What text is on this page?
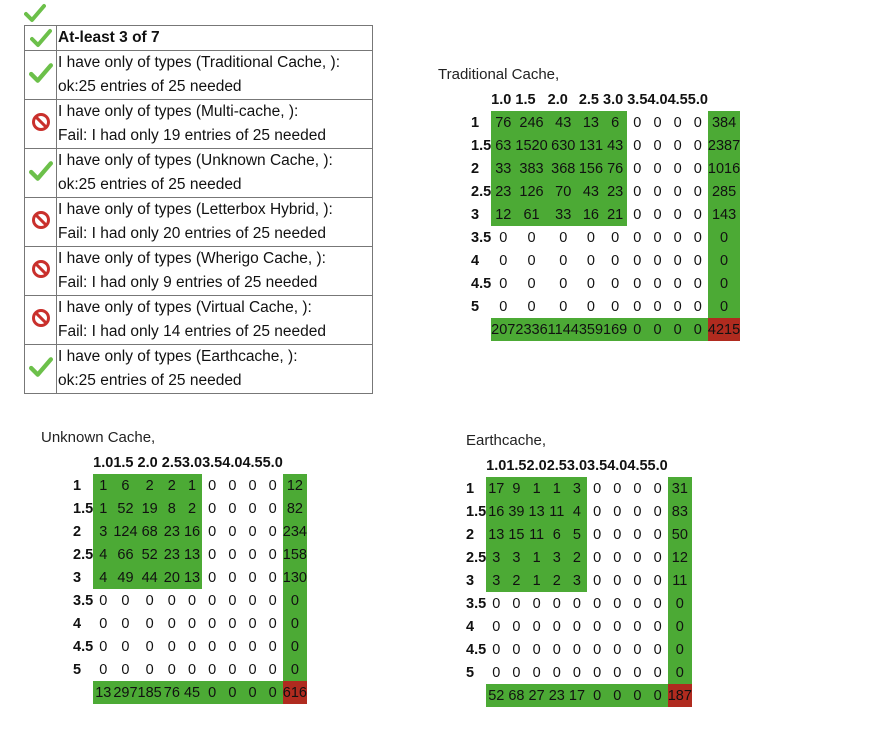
	At-least 3 of 7

I have only of types (Traditional Cache, ):
ok:25 entries of 25 needed

I have only of types (Multi-cache, ):
Fail: I had only 19 entries of 25 needed

I have only of types (Unknown Cache, ):
ok:25 entries of 25 needed

I have only of types (Letterbox Hybrid, ):
Fail: I had only 20 entries of 25 needed

I have only of types (Wherigo Cache, ):
Fail: I had only 9 entries of 25 needed

I have only of types (Virtual Cache, ):
Fail: I had only 14 entries of 25 needed

I have only of types (Earthcache, ):
ok:25 entries of 25 needed
Traditional Cache,
	1.0	1.5	2.0	2.5	3.0	3.5	4.0	4.5	5.0		
1	76	246	43	13	6	0	0	0	0		384
1.5	63	1520	630	131	43	0	0	0	0		2387
2	33	383	368	156	76	0	0	0	0		1016
2.5	23	126	70	43	23	0	0	0	0		285
3	12	61	33	16	21	0	0	0	0		143
3.5	0	0	0	0	0	0	0	0	0		0
4	0	0	0	0	0	0	0	0	0		0
4.5	0	0	0	0	0	0	0	0	0		0
5	0	0	0	0	0	0	0	0	0		0
	207	2336	1144	359	169	0	0	0	0		4215
Unknown Cache,
	1.0	1.5	2.0	2.5	3.0	3.5	4.0	4.5	5.0		
1	1	6	2	2	1	0	0	0	0		12
1.5	1	52	19	8	2	0	0	0	0		82
2	3	124	68	23	16	0	0	0	0		234
2.5	4	66	52	23	13	0	0	0	0		158
3	4	49	44	20	13	0	0	0	0		130
3.5	0	0	0	0	0	0	0	0	0		0
4	0	0	0	0	0	0	0	0	0		0
4.5	0	0	0	0	0	0	0	0	0		0
5	0	0	0	0	0	0	0	0	0		0
	13	297	185	76	45	0	0	0	0		616
Earthcache,
	1.0	1.5	2.0	2.5	3.0	3.5	4.0	4.5	5.0		
1	17	9	1	1	3	0	0	0	0		31
1.5	16	39	13	11	4	0	0	0	0		83
2	13	15	11	6	5	0	0	0	0		50
2.5	3	3	1	3	2	0	0	0	0		12
3	3	2	1	2	3	0	0	0	0		11
3.5	0	0	0	0	0	0	0	0	0		0
4	0	0	0	0	0	0	0	0	0		0
4.5	0	0	0	0	0	0	0	0	0		0
5	0	0	0	0	0	0	0	0	0		0
	52	68	27	23	17	0	0	0	0		187
